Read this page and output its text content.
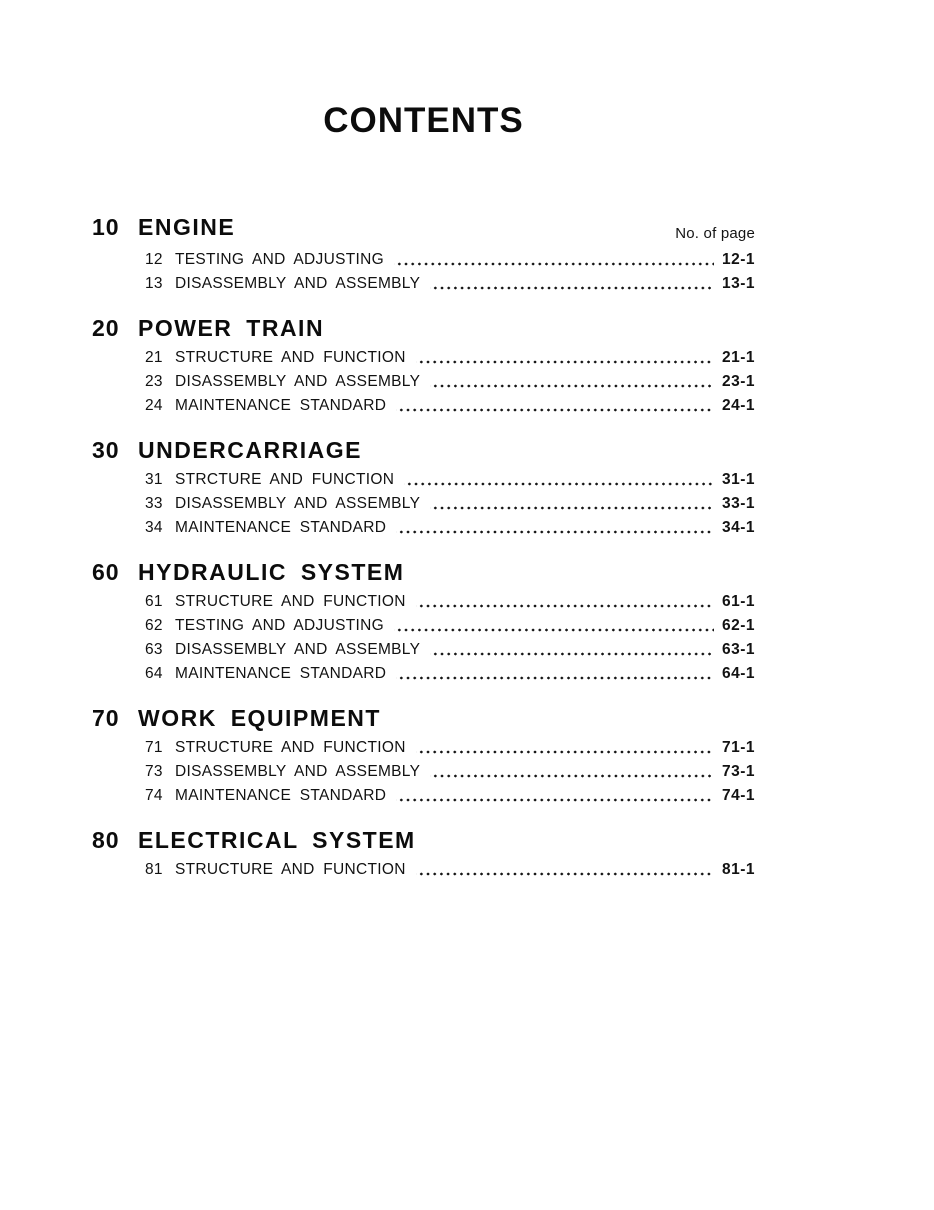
CONTENTS
10 ENGINE	No. of page
12 TESTING AND ADJUSTING	12-1
13 DISASSEMBLY AND ASSEMBLY	13-1
20 POWER TRAIN
21 STRUCTURE AND FUNCTION	21-1
23 DISASSEMBLY AND ASSEMBLY	23-1
24 MAINTENANCE STANDARD	24-1
30 UNDERCARRIAGE
31 STRCTURE AND FUNCTION	31-1
33 DISASSEMBLY AND ASSEMBLY	33-1
34 MAINTENANCE STANDARD	34-1
60 HYDRAULIC SYSTEM
61 STRUCTURE AND FUNCTION	61-1
62 TESTING AND ADJUSTING	62-1
63 DISASSEMBLY AND ASSEMBLY	63-1
64 MAINTENANCE STANDARD	64-1
70 WORK EQUIPMENT
71 STRUCTURE AND FUNCTION	71-1
73 DISASSEMBLY AND ASSEMBLY	73-1
74 MAINTENANCE STANDARD	74-1
80 ELECTRICAL SYSTEM
81 STRUCTURE AND FUNCTION	81-1
